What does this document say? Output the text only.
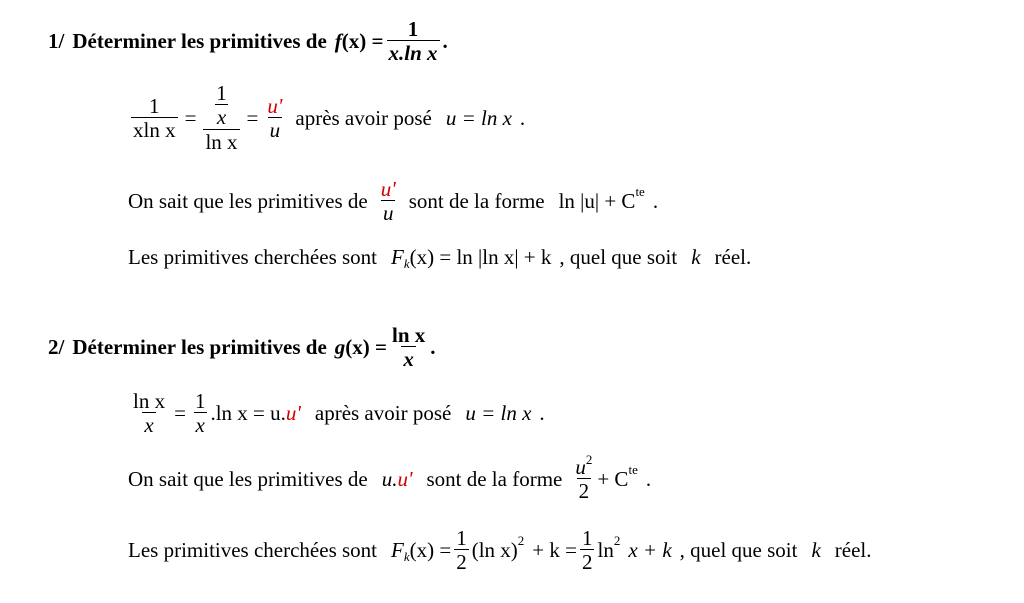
1/ Déterminer les primitives de f $(x) = \frac{1}{\text{x.ln x}}$ .
$\frac{1}{\text{xln x}} = \frac{\frac{1}{x}}{\text{ln x}} = \frac{u'}{u}$ après avoir posé u = ln x .
On sait que les primitives de $\frac{u'}{u}$ sont de la forme ln |u| + C te .
Les primitives cherchées sont F k (x) = ln |ln x| + k , quel que soit k réel.
2/ Déterminer les primitives de g $(x) = \frac{\text{ln x}}{x}$ .
$\frac{\text{ln x}}{x} = \frac{1}{x} .\ln$ x = u. u' après avoir posé u = ln x .
On sait que les primitives de u. u' sont de la forme $\frac{u^2}{2} + C$ te .
Les primitives cherchées sont F k $(x) = \frac{1}{2} (\ln$ x) $2 + k = \frac{1}{2}$ ln 2 x + k , quel que soit k réel.
